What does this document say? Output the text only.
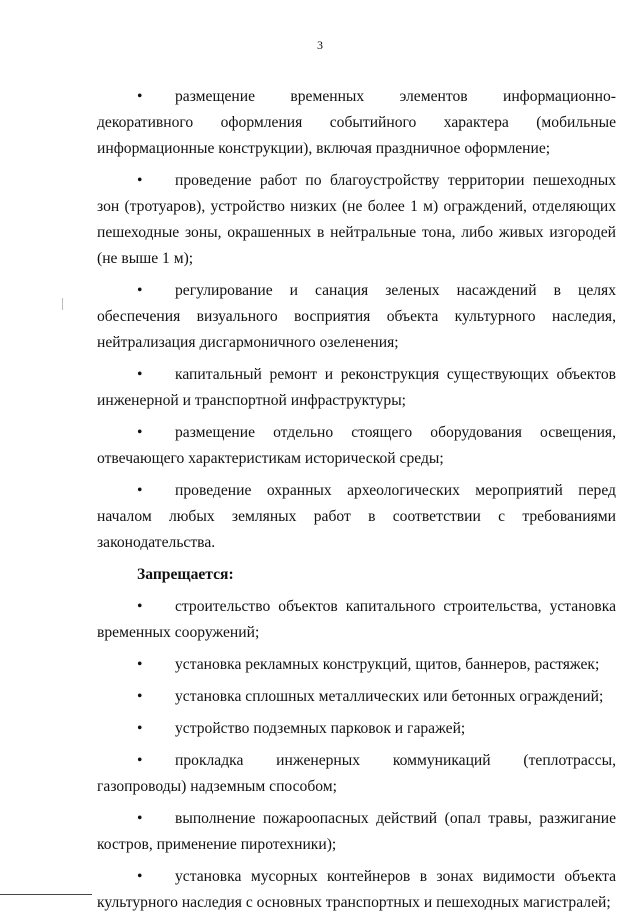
3

• размещение временных элементов информационно-декоративного оформления событийного характера (мобильные информационные конструкции), включая праздничное оформление;

• проведение работ по благоустройству территории пешеходных зон (тротуаров), устройство низких (не более 1 м) ограждений, отделяющих пешеходные зоны, окрашенных в нейтральные тона, либо живых изгородей (не выше 1 м);

• регулирование и санация зеленых насаждений в целях обеспечения визуального восприятия объекта культурного наследия, нейтрализация дисгармоничного озеленения;

• капитальный ремонт и реконструкция существующих объектов инженерной и транспортной инфраструктуры;

• размещение отдельно стоящего оборудования освещения, отвечающего характеристикам исторической среды;

• проведение охранных археологических мероприятий перед началом любых земляных работ в соответствии с требованиями законодательства.

Запрещается:

• строительство объектов капитального строительства, установка временных сооружений;

• установка рекламных конструкций, щитов, баннеров, растяжек;

• установка сплошных металлических или бетонных ограждений;

• устройство подземных парковок и гаражей;

• прокладка инженерных коммуникаций (теплотрассы, газопроводы) надземным способом;

• выполнение пожароопасных действий (опал травы, разжигание костров, применение пиротехники);

• установка мусорных контейнеров в зонах видимости объекта культурного наследия с основных транспортных и пешеходных магистралей;
